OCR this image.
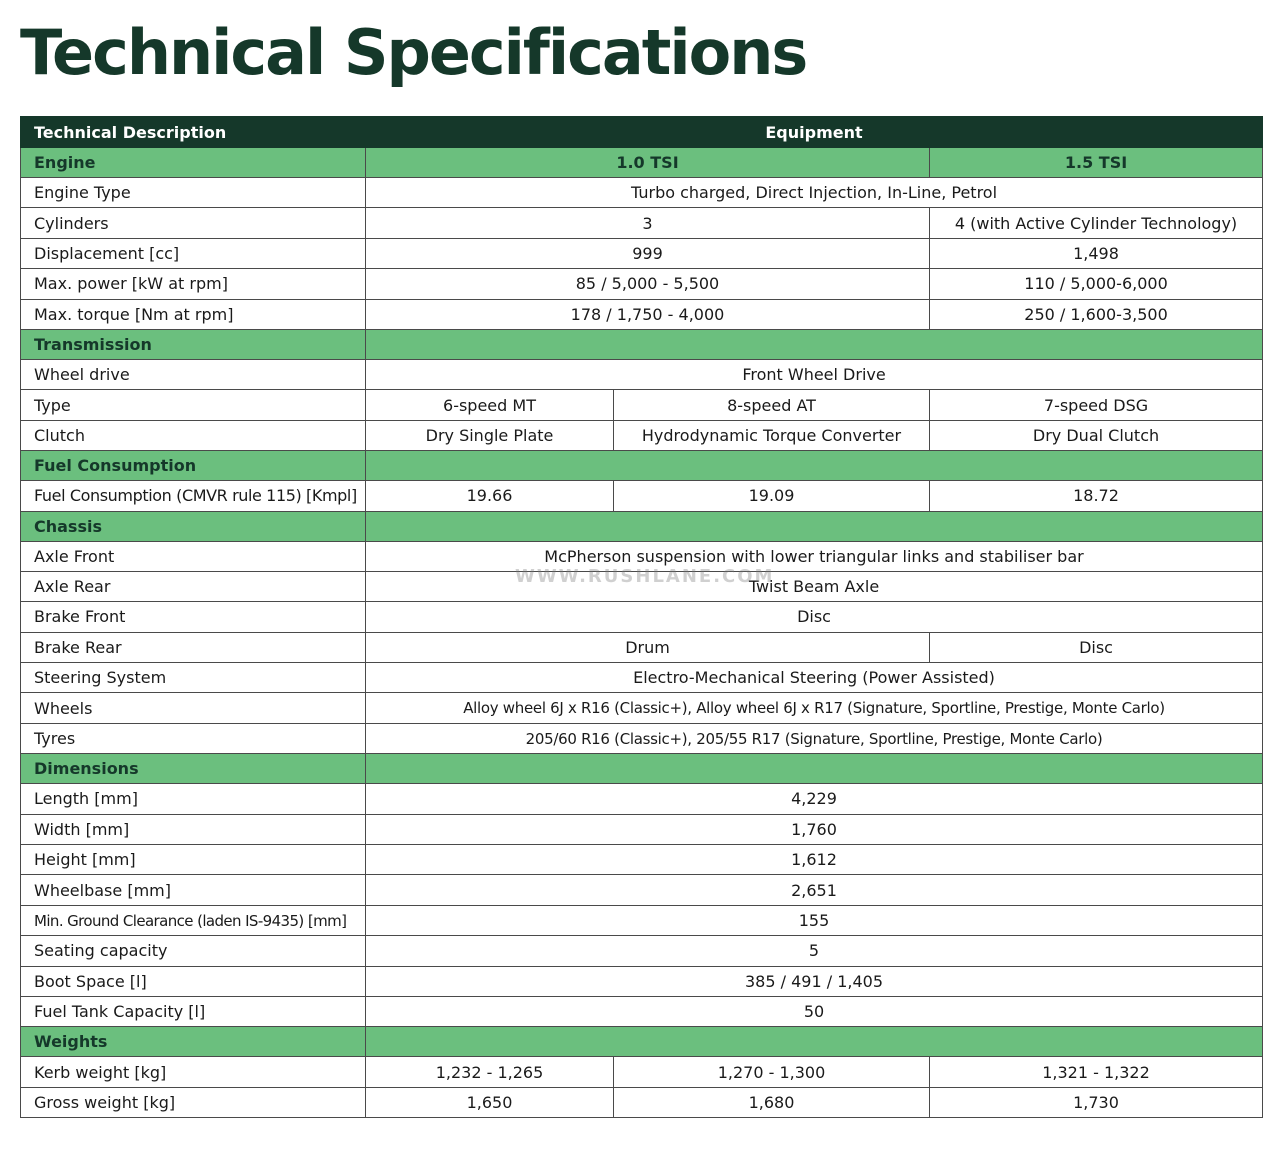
Technical Specifications
Technical Description	Equipment		
Engine	1.0 TSI		1.5 TSI
Engine Type	Turbo charged, Direct Injection, In-Line, Petrol		
Cylinders	3		4 (with Active Cylinder Technology)
Displacement [cc]	999		1,498
Max. power [kW at rpm]	85 / 5,000 - 5,500		110 / 5,000-6,000
Max. torque [Nm at rpm]	178 / 1,750 - 4,000		250 / 1,600-3,500
Transmission			
Wheel drive	Front Wheel Drive		
Type	6-speed MT	8-speed AT	7-speed DSG
Clutch	Dry Single Plate	Hydrodynamic Torque Converter	Dry Dual Clutch
Fuel Consumption			
Fuel Consumption (CMVR rule 115) [Kmpl]	19.66	19.09	18.72
Chassis			
Axle Front	McPherson suspension with lower triangular links and stabiliser bar		
Axle Rear	Twist Beam Axle		
Brake Front	Disc		
Brake Rear	Drum		Disc
Steering System	Electro-Mechanical Steering (Power Assisted)		
Wheels	Alloy wheel 6J x R16 (Classic+), Alloy wheel 6J x R17 (Signature, Sportline, Prestige, Monte Carlo)		
Tyres	205/60 R16 (Classic+), 205/55 R17 (Signature, Sportline, Prestige, Monte Carlo)		
Dimensions			
Length [mm]	4,229		
Width [mm]	1,760		
Height [mm]	1,612		
Wheelbase [mm]	2,651		
Min. Ground Clearance (laden IS-9435) [mm]	155		
Seating capacity	5		
Boot Space [l]	385 / 491 / 1,405		
Fuel Tank Capacity [l]	50		
Weights			
Kerb weight [kg]	1,232 - 1,265	1,270 - 1,300	1,321 - 1,322
Gross weight [kg]	1,650	1,680	1,730
WWW.RUSHLANE.COM
